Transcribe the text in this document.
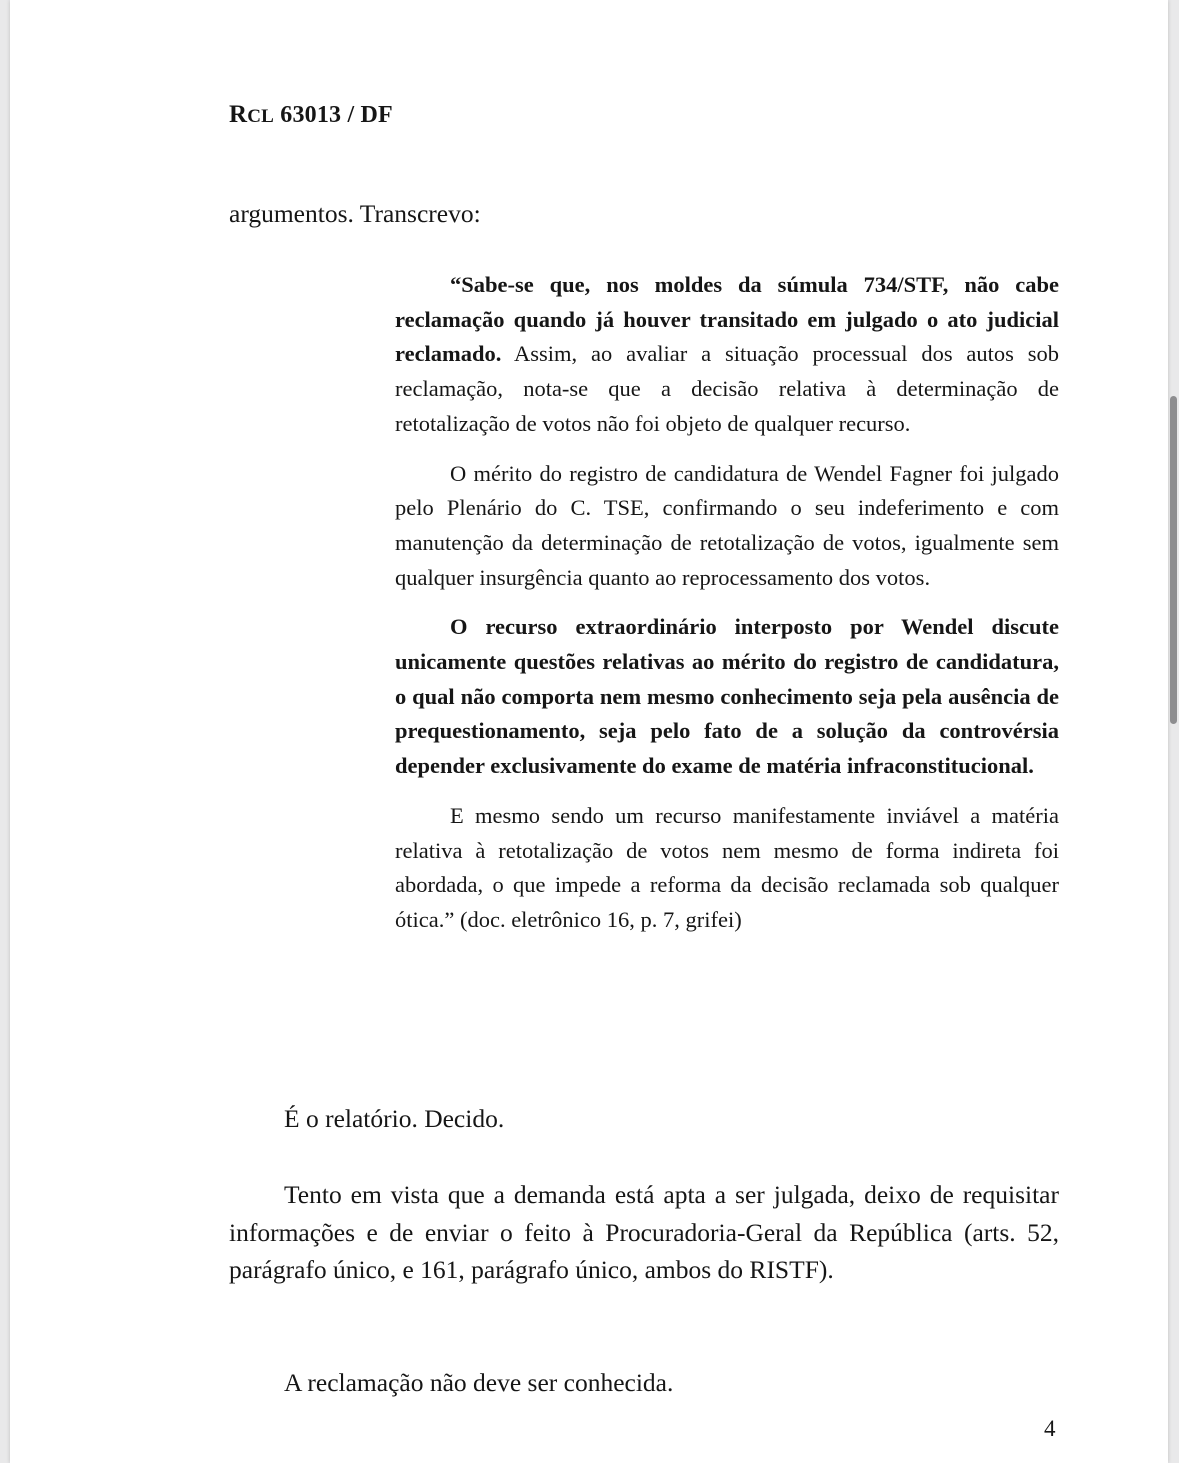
RCL 63013 / DF

argumentos. Transcrevo:

“Sabe-se que, nos moldes da súmula 734/STF, não cabe reclamação quando já houver transitado em julgado o ato judicial reclamado. Assim, ao avaliar a situação processual dos autos sob reclamação, nota-se que a decisão relativa à determinação de retotalização de votos não foi objeto de qualquer recurso.

O mérito do registro de candidatura de Wendel Fagner foi julgado pelo Plenário do C. TSE, confirmando o seu indeferimento e com manutenção da determinação de retotalização de votos, igualmente sem qualquer insurgência quanto ao reprocessamento dos votos.

O recurso extraordinário interposto por Wendel discute unicamente questões relativas ao mérito do registro de candidatura, o qual não comporta nem mesmo conhecimento seja pela ausência de prequestionamento, seja pelo fato de a solução da controvérsia depender exclusivamente do exame de matéria infraconstitucional.

E mesmo sendo um recurso manifestamente inviável a matéria relativa à retotalização de votos nem mesmo de forma indireta foi abordada, o que impede a reforma da decisão reclamada sob qualquer ótica.” (doc. eletrônico 16, p. 7, grifei)

É o relatório. Decido.

Tento em vista que a demanda está apta a ser julgada, deixo de requisitar informações e de enviar o feito à Procuradoria-Geral da República (arts. 52, parágrafo único, e 161, parágrafo único, ambos do RISTF).

A reclamação não deve ser conhecida.

4
